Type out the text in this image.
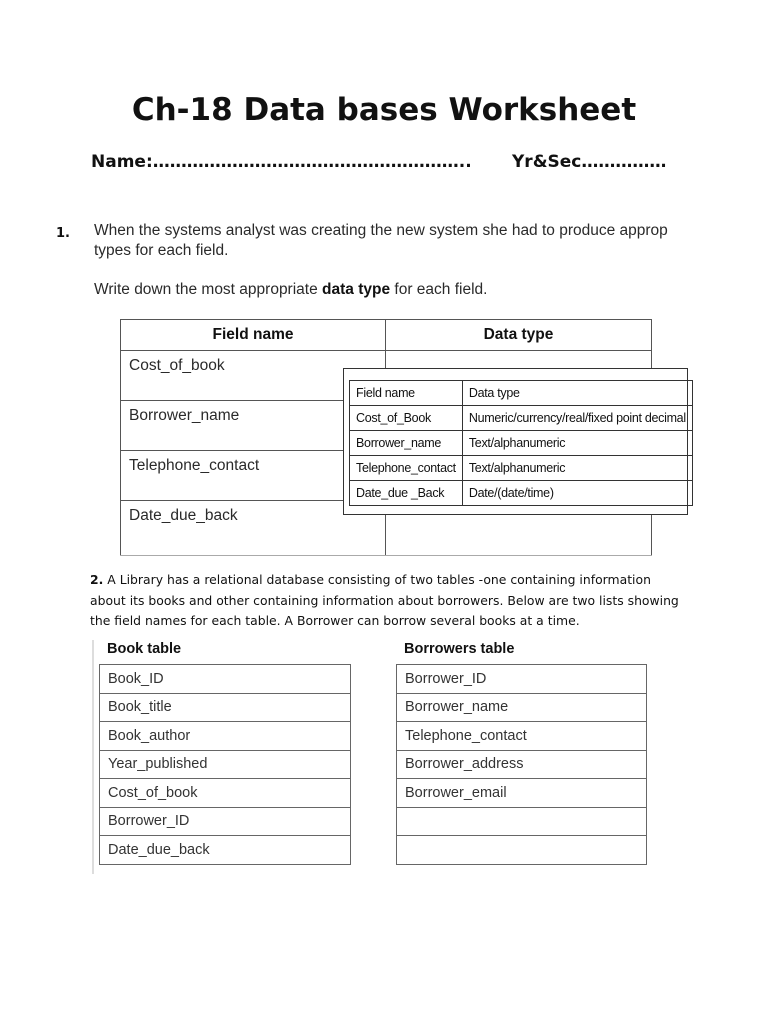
Ch-18 Data bases Worksheet
Name:……………………………………………….. Yr&Sec……………
1. When the systems analyst was creating the new system she had to produce approp
types for each field.
Write down the most appropriate data type for each field.
Field name	Data type
Cost_of_book	
Borrower_name	
Telephone_contact	
Date_due_back	
Field name	Data type
Cost_of_Book	Numeric/currency/real/fixed point decimal
Borrower_name	Text/alphanumeric
Telephone_contact	Text/alphanumeric
Date_due _Back	Date/(date/time)
2. A Library has a relational database consisting of two tables -one containing information about its books and other containing information about borrowers. Below are two lists showing the field names for each table. A Borrower can borrow several books at a time.
Book table
Book_ID
Book_title
Book_author
Year_published
Cost_of_book
Borrower_ID
Date_due_back
Borrowers table
Borrower_ID
Borrower_name
Telephone_contact
Borrower_address
Borrower_email
